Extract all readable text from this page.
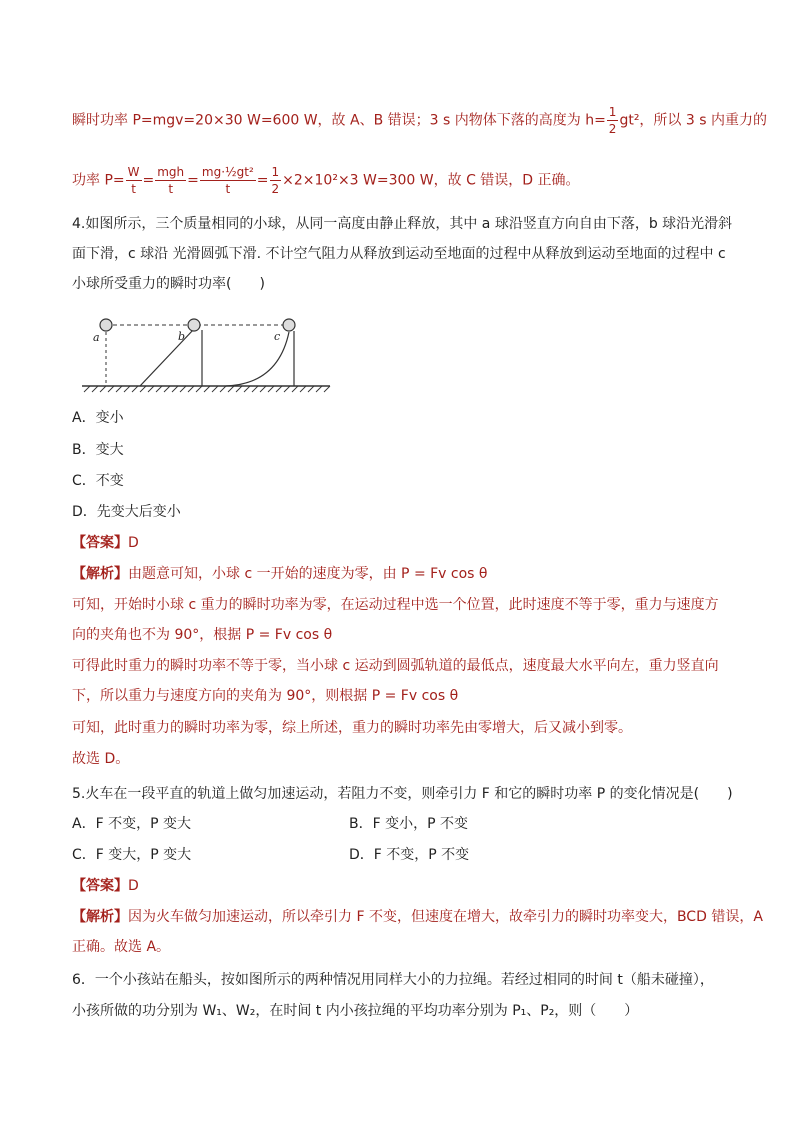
瞬时功率 P=mgv=20×30 W=600 W，故 A、B 错误；3 s 内物体下落的高度为 $h= \frac{1}{2} gt^2$，所以 3 s 内重力的
功率 $P= \frac{W}{t} = \frac{\text{mgh}}{t} = \frac{\text{mg·½gt²}}{t} = \frac{1}{2} \times 2\times 10^2\times 3$ W=300 W，故 C 错误，D 正确。
4.如图所示，三个质量相同的小球，从同一高度由静止释放，其中 a 球沿竖直方向自由下落，b 球沿光滑斜
面下滑，c 球沿 光滑圆弧下滑. 不计空气阻力从释放到运动至地面的过程中从释放到运动至地面的过程中 c
小球所受重力的瞬时功率(　　)
a	b	c
A．变小
B．变大
C．不变
D．先变大后变小
【答案】D
【解析】由题意可知，小球 c 一开始的速度为零，由 P = Fv cos θ
可知，开始时小球 c 重力的瞬时功率为零，在运动过程中选一个位置，此时速度不等于零，重力与速度方
向的夹角也不为 90°，根据 P = Fv cos θ
可得此时重力的瞬时功率不等于零，当小球 c 运动到圆弧轨道的最低点，速度最大水平向左，重力竖直向
下，所以重力与速度方向的夹角为 90°，则根据 P = Fv cos θ
可知，此时重力的瞬时功率为零，综上所述，重力的瞬时功率先由零增大，后又减小到零。
故选 D。
5.火车在一段平直的轨道上做匀加速运动，若阻力不变，则牵引力 F 和它的瞬时功率 P 的变化情况是(　　)
A．F 不变，P 变大	B．F 变小，P 不变
C．F 变大，P 变大	D．F 不变，P 不变
【答案】D
【解析】因为火车做匀加速运动，所以牵引力 F 不变，但速度在增大，故牵引力的瞬时功率变大，BCD 错误，A
正确。故选 A。
6．一个小孩站在船头，按如图所示的两种情况用同样大小的力拉绳。若经过相同的时间 t（船未碰撞），
小孩所做的功分别为 W₁、W₂，在时间 t 内小孩拉绳的平均功率分别为 P₁、P₂，则（　　）
